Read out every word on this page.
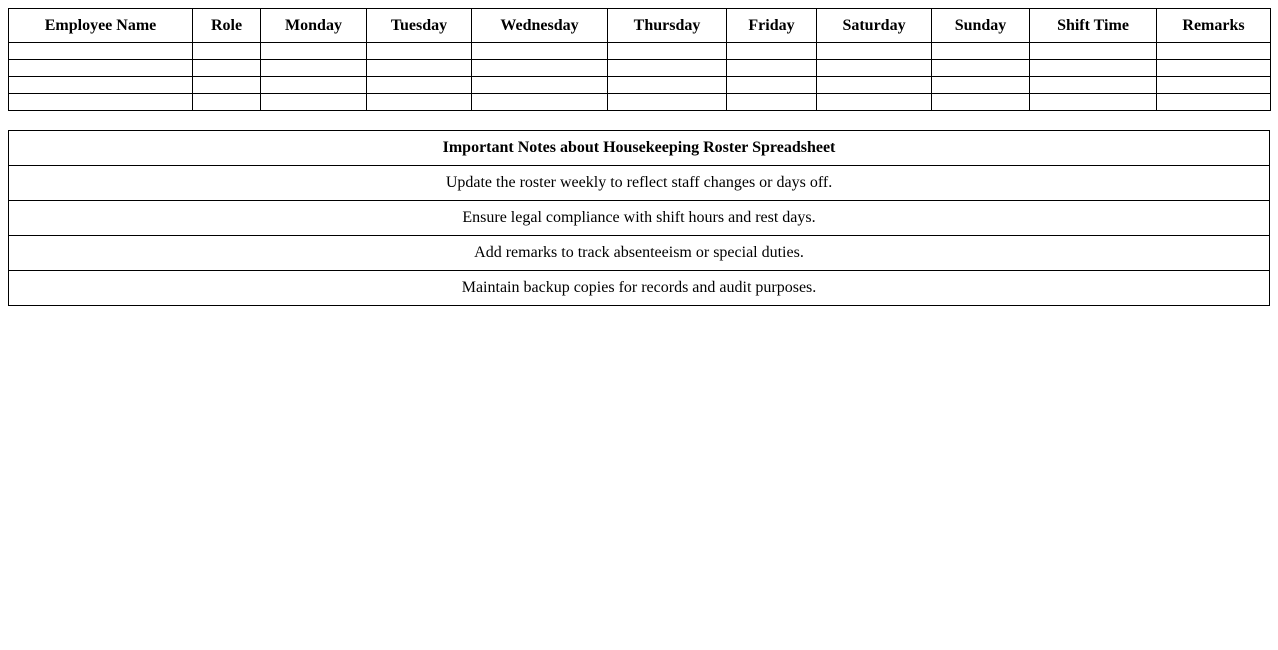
Employee Name	Role	Monday	Tuesday	Wednesday	Thursday	Friday	Saturday	Sunday	Shift Time	Remarks

Important Notes about Housekeeping Roster Spreadsheet
Update the roster weekly to reflect staff changes or days off.
Ensure legal compliance with shift hours and rest days.
Add remarks to track absenteeism or special duties.
Maintain backup copies for records and audit purposes.
